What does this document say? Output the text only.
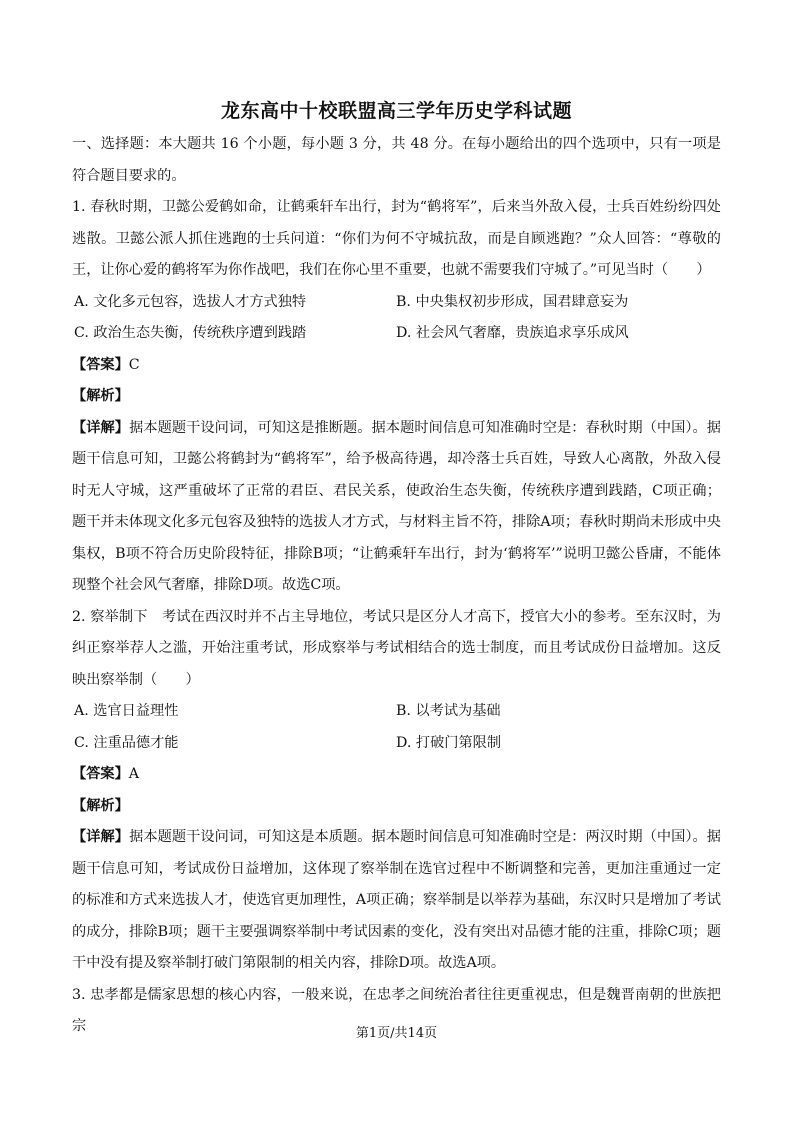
龙东高中十校联盟高三学年历史学科试题

一、选择题：本大题共 16 个小题，每小题 3 分，共 48 分。在每小题给出的四个选项中，只有一项是符合题目要求的。

1. 春秋时期，卫懿公爱鹤如命，让鹤乘轩车出行，封为“鹤将军”，后来当外敌入侵，士兵百姓纷纷四处逃散。卫懿公派人抓住逃跑的士兵问道：“你们为何不守城抗敌，而是自顾逃跑？”众人回答：“尊敬的王，让你心爱的鹤将军为你作战吧，我们在你心里不重要，也就不需要我们守城了。”可见当时（　　）

A. 文化多元包容，选拔人才方式独特	B. 中央集权初步形成，国君肆意妄为
C. 政治生态失衡，传统秩序遭到践踏	D. 社会风气奢靡，贵族追求享乐成风

【答案】C

【解析】

【详解】据本题题干设问词，可知这是推断题。据本题时间信息可知准确时空是：春秋时期（中国）。据题干信息可知，卫懿公将鹤封为“鹤将军”，给予极高待遇，却冷落士兵百姓，导致人心离散，外敌入侵时无人守城，这严重破坏了正常的君臣、君民关系，使政治生态失衡，传统秩序遭到践踏，C项正确；题干并未体现文化多元包容及独特的选拔人才方式，与材料主旨不符，排除A项；春秋时期尚未形成中央集权，B项不符合历史阶段特征，排除B项；“让鹤乘轩车出行，封为‘鹤将军’”说明卫懿公昏庸，不能体现整个社会风气奢靡，排除D项。故选C项。

2. 察举制下　考试在西汉时并不占主导地位，考试只是区分人才高下，授官大小的参考。至东汉时，为纠正察举荐人之滥，开始注重考试，形成察举与考试相结合的选士制度，而且考试成份日益增加。这反映出察举制（　　）

A. 选官日益理性	B. 以考试为基础
C. 注重品德才能	D. 打破门第限制

【答案】A

【解析】

【详解】据本题题干设问词，可知这是本质题。据本题时间信息可知准确时空是：两汉时期（中国）。据题干信息可知，考试成份日益增加，这体现了察举制在选官过程中不断调整和完善，更加注重通过一定的标准和方式来选拔人才，使选官更加理性，A项正确；察举制是以举荐为基础，东汉时只是增加了考试的成分，排除B项；题干主要强调察举制中考试因素的变化，没有突出对品德才能的注重，排除C项；题干中没有提及察举制打破门第限制的相关内容，排除D项。故选A项。

3. 忠孝都是儒家思想的核心内容，一般来说，在忠孝之间统治者往往更重视忠，但是魏晋南朝的世族把宗	第1页/共14页
